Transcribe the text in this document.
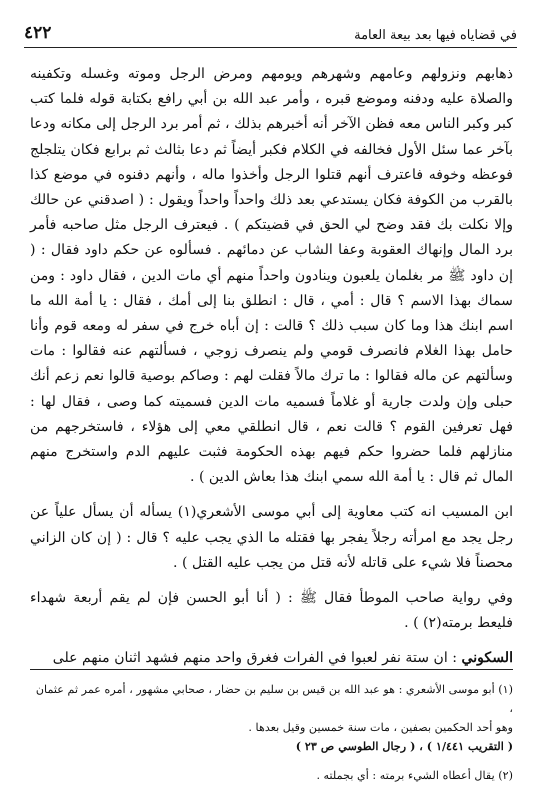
في قضاياه فيها بعد بيعة العامة
٤٢٢

ذهابهم ونزولهم وعامهم وشهرهم ويومهم ومرض الرجل وموته وغسله وتكفينه والصلاة عليه ودفنه وموضع قبره ، وأمر عبد الله بن أبي رافع بكتابة قوله فلما كتب كبر وكبر الناس معه فظن الآخر أنه أخبرهم بذلك ، ثم أمر برد الرجل إلى مكانه ودعا بآخر عما سئل الأول فخالفه في الكلام فكبر أيضاً ثم دعا بثالث ثم برابع فكان يتلجلج فوعظه وخوفه فاعترف أنهم قتلوا الرجل وأخذوا ماله ، وأنهم دفنوه في موضع كذا بالقرب من الكوفة فكان يستدعي بعد ذلك واحداً واحداً ويقول : ( اصدقني عن حالك وإلا نكلت بك فقد وضح لي الحق في قضيتكم ) . فيعترف الرجل مثل صاحبه فأمر برد المال وإنهاك العقوبة وعفا الشاب عن دمائهم . فسألوه عن حكم داود فقال : ( إن داود ﷺ مر بغلمان يلعبون وينادون واحداً منهم أي مات الدين ، فقال داود : ومن سماك بهذا الاسم ؟ قال : أمي ، قال : انطلق بنا إلى أمك ، فقال : يا أمة الله ما اسم ابنك هذا وما كان سبب ذلك ؟ قالت : إن أباه خرج في سفر له ومعه قوم وأنا حامل بهذا الغلام فانصرف قومي ولم ينصرف زوجي ، فسألتهم عنه فقالوا : مات وسألتهم عن ماله فقالوا : ما ترك مالاً فقلت لهم : وصاكم بوصية قالوا نعم زعم أنك حبلى وإن ولدت جارية أو غلاماً فسميه مات الدين فسميته كما وصى ، فقال لها : فهل تعرفين القوم ؟ قالت نعم ، قال انطلقي معي إلى هؤلاء ، فاستخرجهم من منازلهم فلما حضروا حكم فيهم بهذه الحكومة فثبت عليهم الدم واستخرج منهم المال ثم قال : يا أمة الله سمي ابنك هذا بعاش الدين ) .

ابن المسيب انه كتب معاوية إلى أبي موسى الأشعري(١) يسأله أن يسأل علياً عن رجل يجد مع امرأته رجلاً يفجر بها فقتله ما الذي يجب عليه ؟ قال : ( إن كان الزاني محصناً فلا شيء على قاتله لأنه قتل من يجب عليه القتل ) .

وفي رواية صاحب الموطأ فقال ﷺ : ( أنا أبو الحسن فإن لم يقم أربعة شهداء فليعط برمته(٢) ) .

السكوني : ان ستة نفر لعبوا في الفرات فغرق واحد منهم فشهد اثنان منهم على

(١) أبو موسى الأشعري : هو عبد الله بن قيس بن سليم بن حضار ، صحابي مشهور ، أمره عمر ثم عثمان ،

وهو أحد الحكمين بصفين ، مات سنة خمسين وقيل بعدها .

( التقريب ١/٤٤١ ) ، ( رجال الطوسي ص ٢٣ )

(٢) يقال أعطاه الشيء برمته : أي بجملته .
